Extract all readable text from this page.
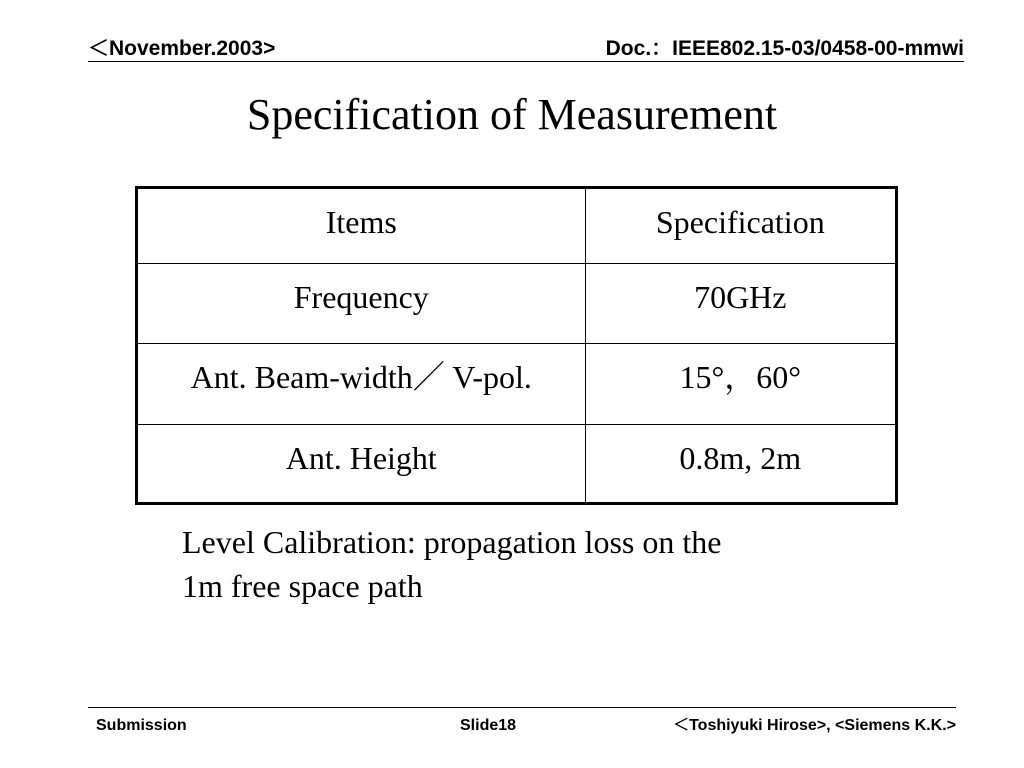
＜November.2003>	Doc.：IEEE802.15-03/0458-00-mmwi
Specification of Measurement
Items	Specification
Frequency	70GHz
Ant. Beam-width／ V-pol.	15°，60°
Ant. Height	0.8m, 2m
Level Calibration: propagation loss on the
1m free space path
Submission	Slide18	＜Toshiyuki Hirose>, <Siemens K.K.>
